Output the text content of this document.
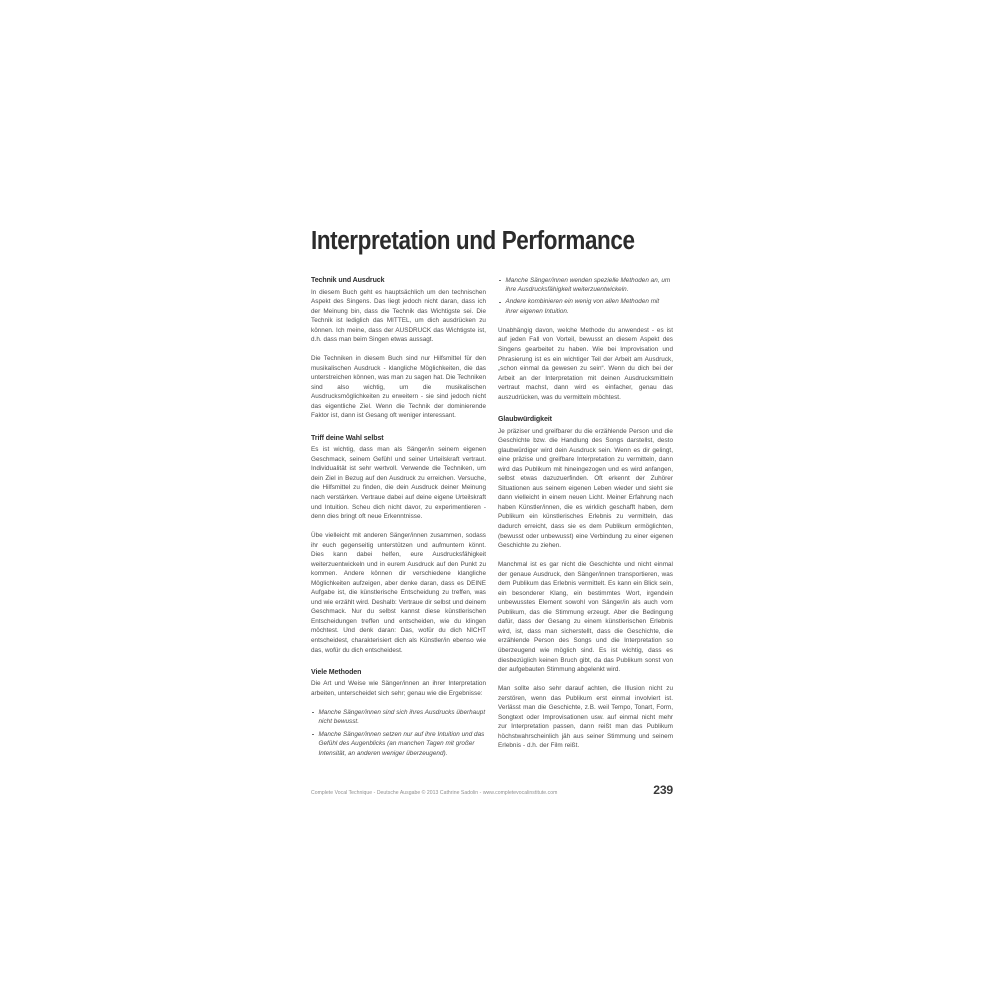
Interpretation und Performance
Technik und Ausdruck

In diesem Buch geht es hauptsächlich um den technischen Aspekt des Singens. Das liegt jedoch nicht daran, dass ich der Meinung bin, dass die Technik das Wichtigste sei. Die Technik ist lediglich das MITTEL, um dich ausdrücken zu können. Ich meine, dass der AUSDRUCK das Wichtigste ist, d.h. dass man beim Singen etwas aussagt.

Die Techniken in diesem Buch sind nur Hilfsmittel für den musikalischen Ausdruck - klangliche Möglichkeiten, die das unterstreichen können, was man zu sagen hat. Die Techniken sind also wichtig, um die musikalischen Ausdrucksmöglichkeiten zu erweitern - sie sind jedoch nicht das eigentliche Ziel. Wenn die Technik der dominierende Faktor ist, dann ist Gesang oft weniger interessant.

Triff deine Wahl selbst

Es ist wichtig, dass man als Sänger/in seinem eigenen Geschmack, seinem Gefühl und seiner Urteilskraft vertraut. Individualität ist sehr wertvoll. Verwende die Techniken, um dein Ziel in Bezug auf den Ausdruck zu erreichen. Versuche, die Hilfsmittel zu finden, die dein Ausdruck deiner Meinung nach verstärken. Vertraue dabei auf deine eigene Urteilskraft und Intuition. Scheu dich nicht davor, zu experimentieren - denn dies bringt oft neue Erkenntnisse.

Übe vielleicht mit anderen Sänger/innen zusammen, sodass ihr euch gegenseitig unterstützen und aufmuntern könnt. Dies kann dabei helfen, eure Ausdrucksfähigkeit weiterzuentwickeln und in eurem Ausdruck auf den Punkt zu kommen. Andere können dir verschiedene klangliche Möglichkeiten aufzeigen, aber denke daran, dass es DEINE Aufgabe ist, die künstlerische Entscheidung zu treffen, was und wie erzählt wird. Deshalb: Vertraue dir selbst und deinem Geschmack. Nur du selbst kannst diese künstlerischen Entscheidungen treffen und entscheiden, wie du klingen möchtest. Und denk daran: Das, wofür du dich NICHT entscheidest, charakterisiert dich als Künstler/in ebenso wie das, wofür du dich entscheidest.

Viele Methoden

Die Art und Weise wie Sänger/innen an ihrer Interpretation arbeiten, unterscheidet sich sehr; genau wie die Ergebnisse:

Manche Sänger/innen sind sich ihres Ausdrucks überhaupt nicht bewusst.
Manche Sänger/innen setzen nur auf ihre Intuition und das Gefühl des Augenblicks (an manchen Tagen mit großer Intensität, an anderen weniger überzeugend).
Manche Sänger/innen wenden spezielle Methoden an, um ihre Ausdrucksfähigkeit weiterzuentwickeln.
Andere kombinieren ein wenig von allen Methoden mit ihrer eigenen Intuition.

Unabhängig davon, welche Methode du anwendest - es ist auf jeden Fall von Vorteil, bewusst an diesem Aspekt des Singens gearbeitet zu haben. Wie bei Improvisation und Phrasierung ist es ein wichtiger Teil der Arbeit am Ausdruck, „schon einmal da gewesen zu sein“. Wenn du dich bei der Arbeit an der Interpretation mit deinen Ausdrucksmitteln vertraut machst, dann wird es einfacher, genau das auszudrücken, was du vermitteln möchtest.

Glaubwürdigkeit

Je präziser und greifbarer du die erzählende Person und die Geschichte bzw. die Handlung des Songs darstellst, desto glaubwürdiger wird dein Ausdruck sein. Wenn es dir gelingt, eine präzise und greifbare Interpretation zu vermitteln, dann wird das Publikum mit hineingezogen und es wird anfangen, selbst etwas dazuzuerfinden. Oft erkennt der Zuhörer Situationen aus seinem eigenen Leben wieder und sieht sie dann vielleicht in einem neuen Licht. Meiner Erfahrung nach haben Künstler/innen, die es wirklich geschafft haben, dem Publikum ein künstlerisches Erlebnis zu vermitteln, das dadurch erreicht, dass sie es dem Publikum ermöglichten, (bewusst oder unbewusst) eine Verbindung zu einer eigenen Geschichte zu ziehen.

Manchmal ist es gar nicht die Geschichte und nicht einmal der genaue Ausdruck, den Sänger/innen transportieren, was dem Publikum das Erlebnis vermittelt. Es kann ein Blick sein, ein besonderer Klang, ein bestimmtes Wort, irgendein unbewusstes Element sowohl von Sänger/in als auch vom Publikum, das die Stimmung erzeugt. Aber die Bedingung dafür, dass der Gesang zu einem künstlerischen Erlebnis wird, ist, dass man sicherstellt, dass die Geschichte, die erzählende Person des Songs und die Interpretation so überzeugend wie möglich sind. Es ist wichtig, dass es diesbezüglich keinen Bruch gibt, da das Publikum sonst von der aufgebauten Stimmung abgelenkt wird.

Man sollte also sehr darauf achten, die Illusion nicht zu zerstören, wenn das Publikum erst einmal involviert ist. Verlässt man die Geschichte, z.B. weil Tempo, Tonart, Form, Songtext oder Improvisationen usw. auf einmal nicht mehr zur Interpretation passen, dann reißt man das Publikum höchstwahrscheinlich jäh aus seiner Stimmung und seinem Erlebnis - d.h. der Film reißt.

Complete Vocal Technique - Deutsche Ausgabe © 2013 Cathrine Sadolin - www.completevocalinstitute.com	239
